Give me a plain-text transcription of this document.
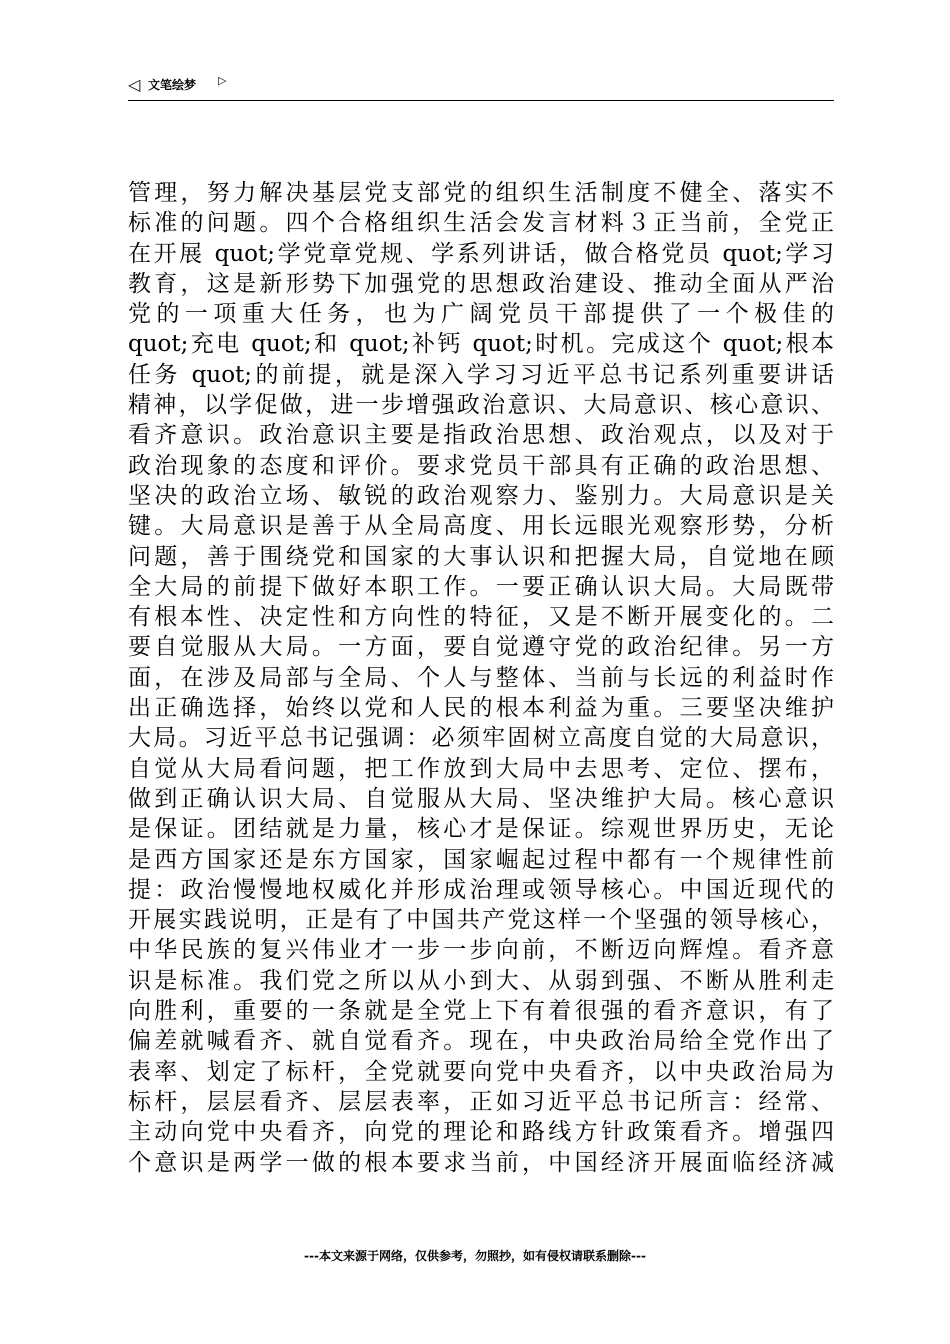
◁ 文笔绘梦 ▷
管理，努力解决基层党支部党的组织生活制度不健全、落实不
标准的问题。四个合格组织生活会发言材料３正当前，全党正
在开展 quot;学党章党规、学系列讲话，做合格党员 quot;学习
教育，这是新形势下加强党的思想政治建设、推动全面从严治
党的一项重大任务，也为广阔党员干部提供了一个极佳的
quot;充电 quot;和 quot;补钙 quot;时机。完成这个 quot;根本
任务 quot;的前提，就是深入学习习近平总书记系列重要讲话
精神，以学促做，进一步增强政治意识、大局意识、核心意识、
看齐意识。政治意识主要是指政治思想、政治观点，以及对于
政治现象的态度和评价。要求党员干部具有正确的政治思想、
坚决的政治立场、敏锐的政治观察力、鉴别力。大局意识是关
键。大局意识是善于从全局高度、用长远眼光观察形势，分析
问题，善于围绕党和国家的大事认识和把握大局，自觉地在顾
全大局的前提下做好本职工作。一要正确认识大局。大局既带
有根本性、决定性和方向性的特征，又是不断开展变化的。二
要自觉服从大局。一方面，要自觉遵守党的政治纪律。另一方
面，在涉及局部与全局、个人与整体、当前与长远的利益时作
出正确选择，始终以党和人民的根本利益为重。三要坚决维护
大局。习近平总书记强调：必须牢固树立高度自觉的大局意识，
自觉从大局看问题，把工作放到大局中去思考、定位、摆布，
做到正确认识大局、自觉服从大局、坚决维护大局。核心意识
是保证。团结就是力量，核心才是保证。综观世界历史，无论
是西方国家还是东方国家，国家崛起过程中都有一个规律性前
提：政治慢慢地权威化并形成治理或领导核心。中国近现代的
开展实践说明，正是有了中国共产党这样一个坚强的领导核心，
中华民族的复兴伟业才一步一步向前，不断迈向辉煌。看齐意
识是标准。我们党之所以从小到大、从弱到强、不断从胜利走
向胜利，重要的一条就是全党上下有着很强的看齐意识，有了
偏差就喊看齐、就自觉看齐。现在，中央政治局给全党作出了
表率、划定了标杆，全党就要向党中央看齐，以中央政治局为
标杆，层层看齐、层层表率，正如习近平总书记所言：经常、
主动向党中央看齐，向党的理论和路线方针政策看齐。增强四
个意识是两学一做的根本要求当前，中国经济开展面临经济减
---本文来源于网络，仅供参考，勿照抄，如有侵权请联系删除---
